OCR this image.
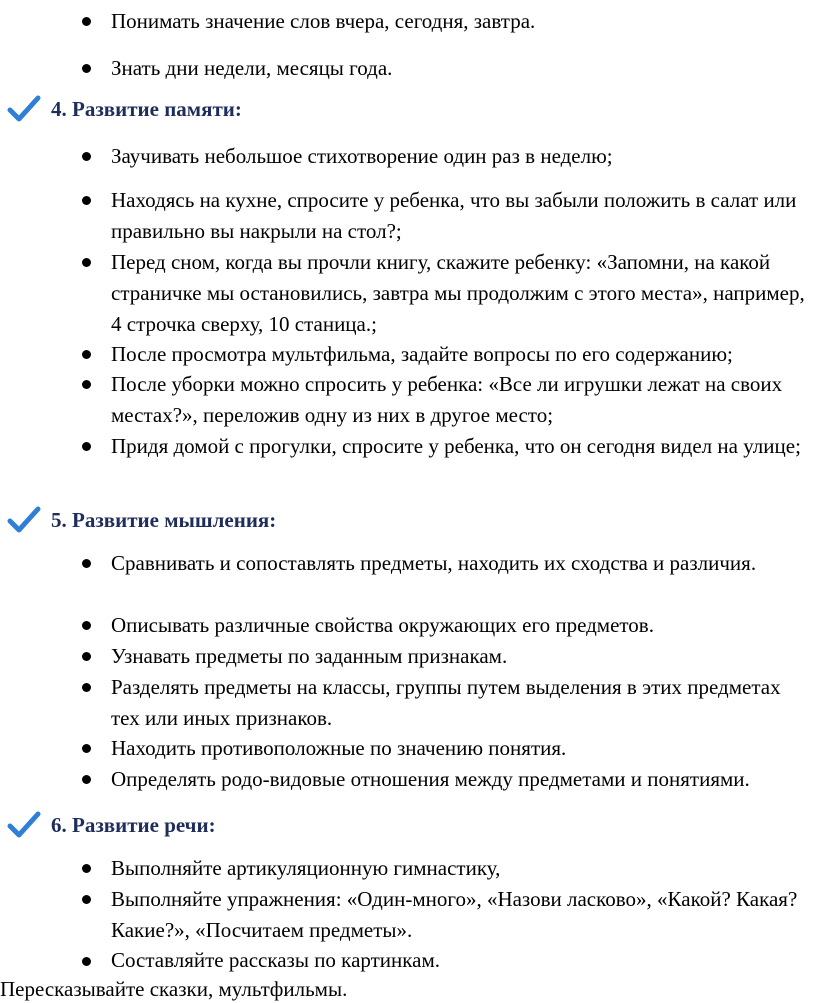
Понимать значение слов вчера, сегодня, завтра.
Знать дни недели, месяцы года.
4. Развитие памяти:
Заучивать небольшое стихотворение один раз в неделю;
Находясь на кухне, спросите у ребенка, что вы забыли положить в салат или правильно вы накрыли на стол?;
Перед сном, когда вы прочли книгу, скажите ребенку: «Запомни, на какой страничке мы остановились, завтра мы продолжим с этого места», например, 4 строчка сверху, 10 станица.;
После просмотра мультфильма, задайте вопросы по его содержанию;
После уборки можно спросить у ребенка: «Все ли игрушки лежат на своих местах?», переложив одну из них в другое место;
Придя домой с прогулки, спросите у ребенка, что он сегодня видел на улице;
5. Развитие мышления:
Сравнивать и сопоставлять предметы, находить их сходства и различия.
Описывать различные свойства окружающих его предметов.
Узнавать предметы по заданным признакам.
Разделять предметы на классы, группы путем выделения в этих предметах тех или иных признаков.
Находить противоположные по значению понятия.
Определять родо-видовые отношения между предметами и понятиями.
6. Развитие речи:
Выполняйте артикуляционную гимнастику,
Выполняйте упражнения: «Один-много», «Назови ласково», «Какой? Какая? Какие?», «Посчитаем предметы».
Составляйте рассказы по картинкам.
Пересказывайте сказки, мультфильмы.
